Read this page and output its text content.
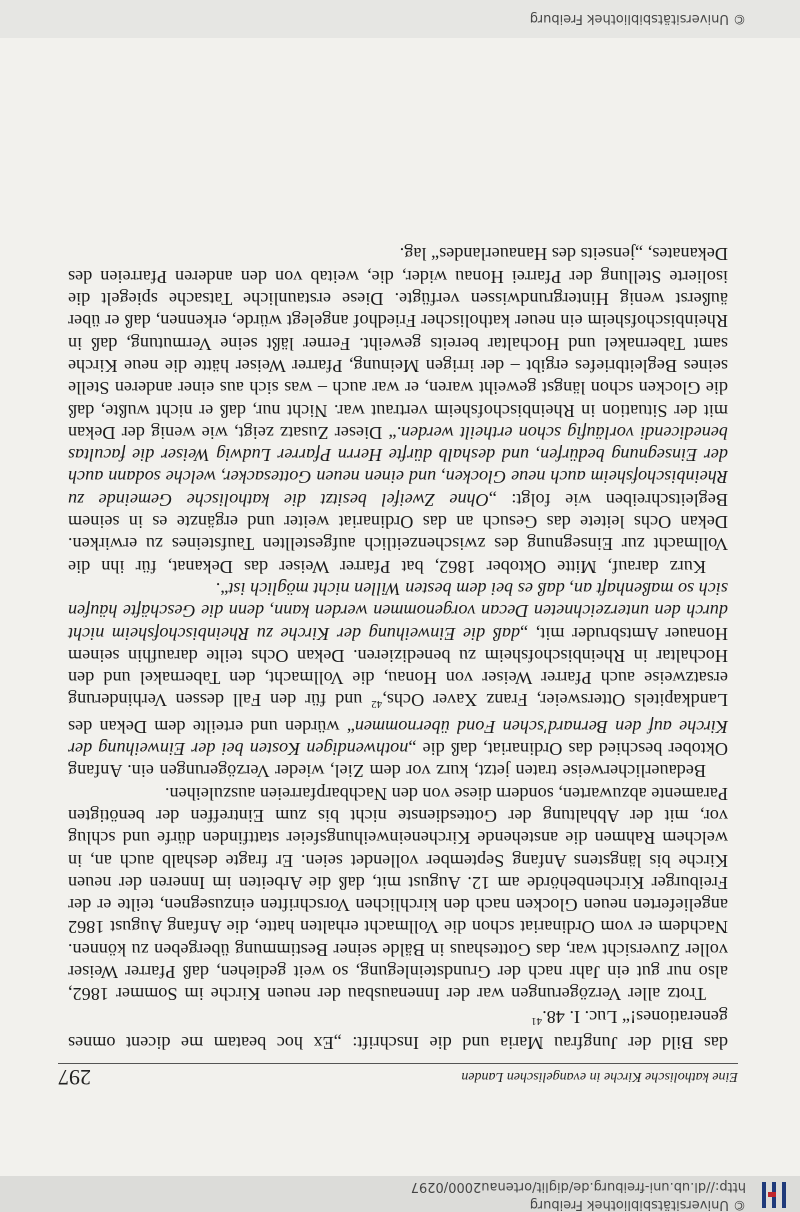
© Universitätsbibliothek Freiburg
http://dl.ub.uni-freiburg.de/diglit/ortenau2000/0297
Eine katholische Kirche in evangelischen Landen
297

das Bild der Jungfrau Maria und die Inschrift: „Ex hoc beatam me dicent omnes generationes!“ Luc. I. 48.41

Trotz aller Verzögerungen war der Innenausbau der neuen Kirche im Sommer 1862, also nur gut ein Jahr nach der Grundsteinlegung, so weit gediehen, daß Pfarrer Weiser voller Zuversicht war, das Gotteshaus in Bälde seiner Bestimmung übergeben zu können. Nachdem er vom Ordinariat schon die Vollmacht erhalten hatte, die Anfang August 1862 angelieferten neuen Glocken nach den kirchlichen Vorschriften einzusegnen, teilte er der Freiburger Kirchenbehörde am 12. August mit, daß die Arbeiten im Inneren der neuen Kirche bis längstens Anfang September vollendet seien. Er fragte deshalb auch an, in welchem Rahmen die anstehende Kircheneinweihungsfeier stattfinden dürfe und schlug vor, mit der Abhaltung der Gottesdienste nicht bis zum Eintreffen der benötigten Paramente abzuwarten, sondern diese von den Nachbarpfarreien auszuleihen.

Bedauerlicherweise traten jetzt, kurz vor dem Ziel, wieder Verzögerungen ein. Anfang Oktober beschied das Ordinariat, daß die „nothwendigen Kosten bei der Einweihung der Kirche auf den Bernard'schen Fond übernommen“ würden und erteilte dem Dekan des Landkapitels Ottersweier, Franz Xaver Ochs,$^{42}$ und für den Fall dessen Verhinderung ersatzweise auch Pfarrer Weiser von Honau, die Vollmacht, den Tabernakel und den Hochaltar in Rheinbischofsheim zu benedizieren. Dekan Ochs teilte daraufhin seinem Honauer Amtsbruder mit, „daß die Einweihung der Kirche zu Rheinbischofsheim nicht durch den unterzeichneten Decan vorgenommen werden kann, denn die Geschäfte häufen sich so maßenhaft an, daß es bei dem besten Willen nicht möglich ist“.

Kurz darauf, Mitte Oktober 1862, bat Pfarrer Weiser das Dekanat, für ihn die Vollmacht zur Einsegnung des zwischenzeitlich aufgestellten Taufsteines zu erwirken. Dekan Ochs leitete das Gesuch an das Ordinariat weiter und ergänzte es in seinem Begleitschreiben wie folgt: „Ohne Zweifel besitzt die katholische Gemeinde zu Rheinbischofsheim auch neue Glocken, und einen neuen Gottesacker, welche sodann auch der Einsegnung bedürfen, und deshalb dürfte Herrn Pfarrer Ludwig Weiser die facultas benedicendi vorläufig schon ertheilt werden.“ Dieser Zusatz zeigt, wie wenig der Dekan mit der Situation in Rheinbischofsheim vertraut war. Nicht nur, daß er nicht wußte, daß die Glocken schon längst geweiht waren, er war auch – was sich aus einer anderen Stelle seines Begleitbriefes ergibt – der irrigen Meinung, Pfarrer Weiser hätte die neue Kirche samt Tabernakel und Hochaltar bereits geweiht. Ferner läßt seine Vermutung, daß in Rheinbischofsheim ein neuer katholischer Friedhof angelegt würde, erkennen, daß er über äußerst wenig Hintergrundwissen verfügte. Diese erstaunliche Tatsache spiegelt die isolierte Stellung der Pfarrei Honau wider, die, weitab von den anderen Pfarreien des Dekanates, „jenseits des Hanauerlandes“ lag.

© Universitätsbibliothek Freiburg
